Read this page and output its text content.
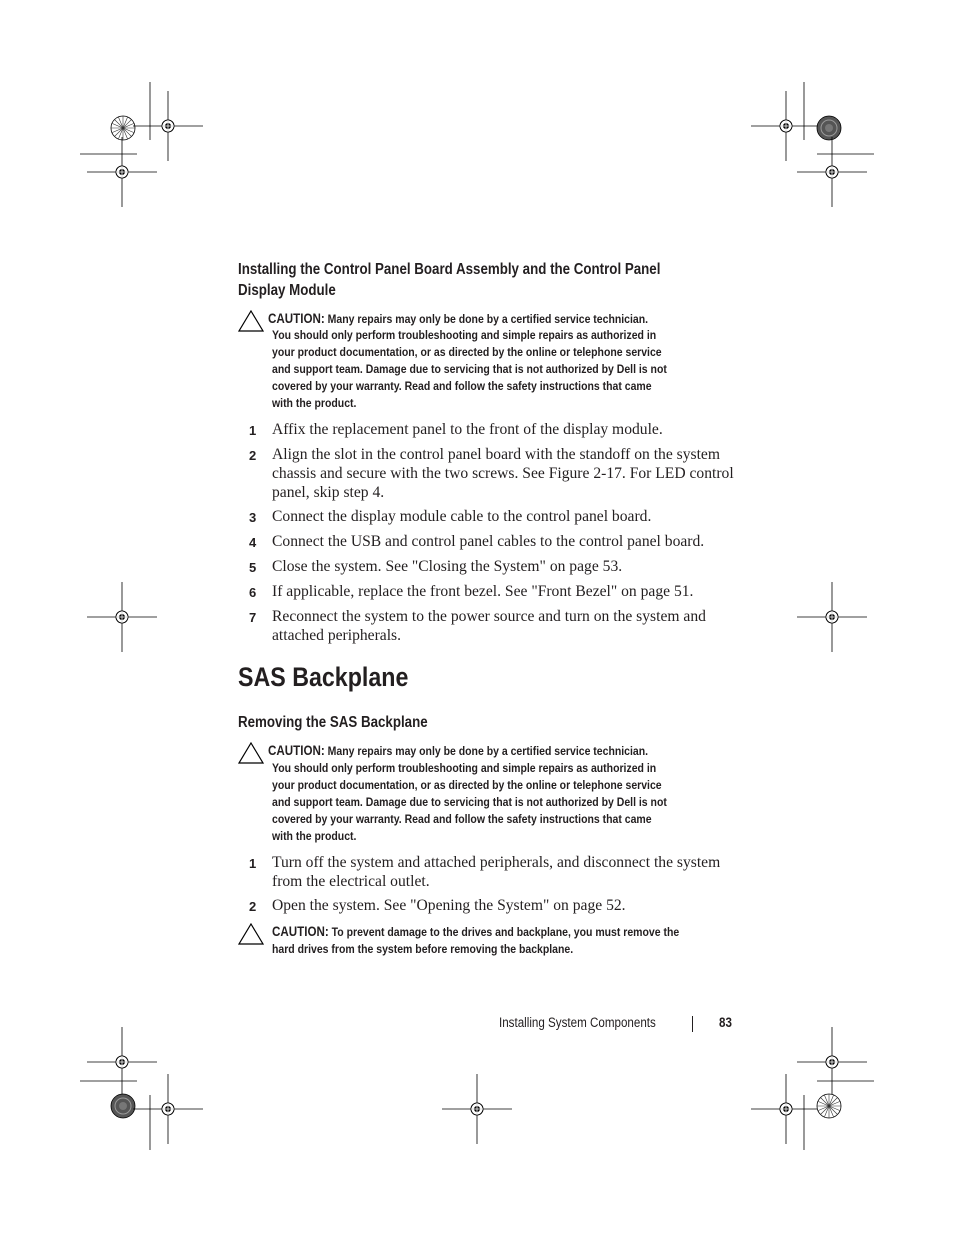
Installing the Control Panel Board Assembly and the Control Panel
Display Module
CAUTION: Many repairs may only be done by a certified service technician.
You should only perform troubleshooting and simple repairs as authorized in
your product documentation, or as directed by the online or telephone service
and support team. Damage due to servicing that is not authorized by Dell is not
covered by your warranty. Read and follow the safety instructions that came
with the product.
1 Affix the replacement panel to the front of the display module.
2 Align the slot in the control panel board with the standoff on the system
chassis and secure with the two screws. See Figure 2-17. For LED control
panel, skip step 4.
3 Connect the display module cable to the control panel board.
4 Connect the USB and control panel cables to the control panel board.
5 Close the system. See "Closing the System" on page 53.
6 If applicable, replace the front bezel. See "Front Bezel" on page 51.
7 Reconnect the system to the power source and turn on the system and
attached peripherals.
SAS Backplane
Removing the SAS Backplane
CAUTION: Many repairs may only be done by a certified service technician.
You should only perform troubleshooting and simple repairs as authorized in
your product documentation, or as directed by the online or telephone service
and support team. Damage due to servicing that is not authorized by Dell is not
covered by your warranty. Read and follow the safety instructions that came
with the product.
1 Turn off the system and attached peripherals, and disconnect the system
from the electrical outlet.
2 Open the system. See "Opening the System" on page 52.
CAUTION: To prevent damage to the drives and backplane, you must remove the
hard drives from the system before removing the backplane.
Installing System Components	83
